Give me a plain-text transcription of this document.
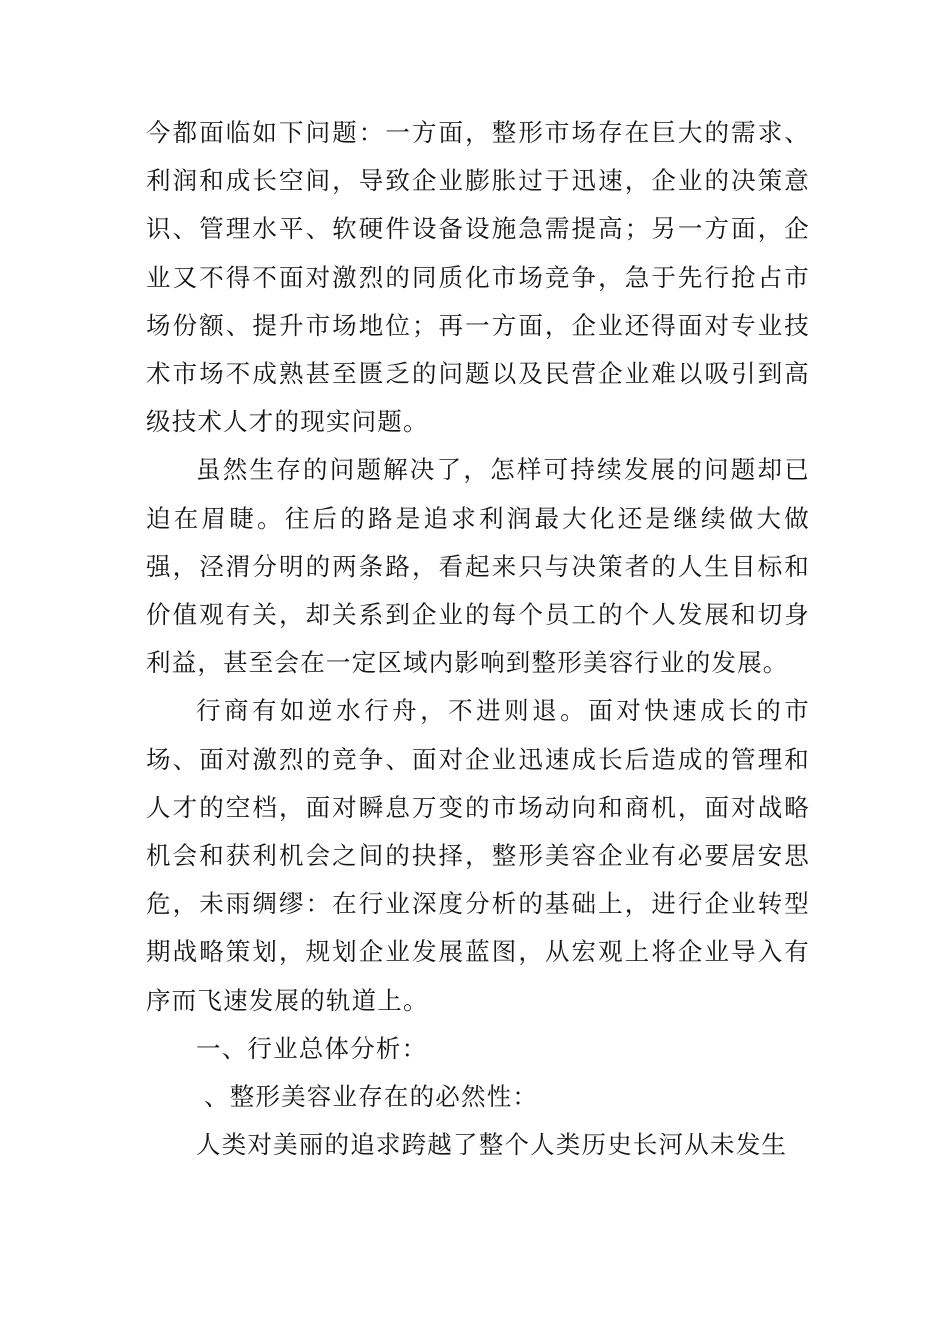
今都面临如下问题：一方面，整形市场存在巨大的需求、利润和成长空间，导致企业膨胀过于迅速，企业的决策意识、管理水平、软硬件设备设施急需提高；另一方面，企业又不得不面对激烈的同质化市场竞争，急于先行抢占市场份额、提升市场地位；再一方面，企业还得面对专业技术市场不成熟甚至匮乏的问题以及民营企业难以吸引到高级技术人才的现实问题。

虽然生存的问题解决了，怎样可持续发展的问题却已迫在眉睫。往后的路是追求利润最大化还是继续做大做强，泾渭分明的两条路，看起来只与决策者的人生目标和价值观有关，却关系到企业的每个员工的个人发展和切身利益，甚至会在一定区域内影响到整形美容行业的发展。

行商有如逆水行舟，不进则退。面对快速成长的市场、面对激烈的竞争、面对企业迅速成长后造成的管理和人才的空档，面对瞬息万变的市场动向和商机，面对战略机会和获利机会之间的抉择，整形美容企业有必要居安思危，未雨绸缪：在行业深度分析的基础上，进行企业转型期战略策划，规划企业发展蓝图，从宏观上将企业导入有序而飞速发展的轨道上。

一、行业总体分析：

、整形美容业存在的必然性：

人类对美丽的追求跨越了整个人类历史长河从未发生
